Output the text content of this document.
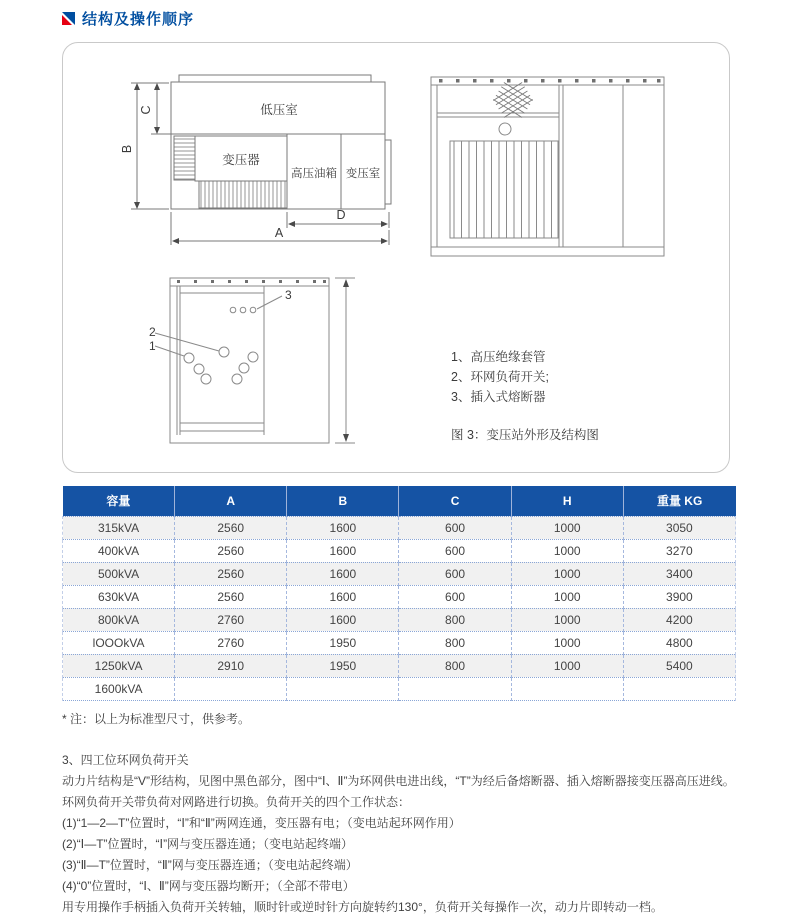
结构及操作顺序
低压室
变压器
高压油箱 变压室
B
C
D
A
1
2
3
1、高压绝缘套管
2、环网负荷开关;
3、插入式熔断器
图 3：变压站外形及结构图
容量	A	B	C	H	重量 KG
315kVA	2560	1600	600	1000	3050
400kVA	2560	1600	600	1000	3270
500kVA	2560	1600	600	1000	3400
630kVA	2560	1600	600	1000	3900
800kVA	2760	1600	800	1000	4200
lOOOkVA	2760	1950	800	1000	4800
1250kVA	2910	1950	800	1000	5400
1600kVA					
* 注：以上为标准型尺寸，供参考。
3、四工位环网负荷开关
动力片结构是“V”形结构，见图中黑色部分，图中“Ⅰ、Ⅱ”为环网供电进出线，“T”为经后备熔断器、插入熔断器接变压器高压进线。环网负荷开关带负荷对网路进行切换。负荷开关的四个工作状态：
(1)“1—2—T”位置时，“Ⅰ”和“Ⅱ”两网连通，变压器有电；（变电站起环网作用）
(2)“Ⅰ—T”位置时，“Ⅰ”网与变压器连通；（变电站起终端）
(3)“Ⅱ—T”位置时，“Ⅱ”网与变压器连通；（变电站起终端）
(4)“0”位置时，“Ⅰ、Ⅱ”网与变压器均断开；（全部不带电）
用专用操作手柄插入负荷开关转轴，顺时针或逆时针方向旋转约130°，负荷开关每操作一次，动力片即转动一档。
